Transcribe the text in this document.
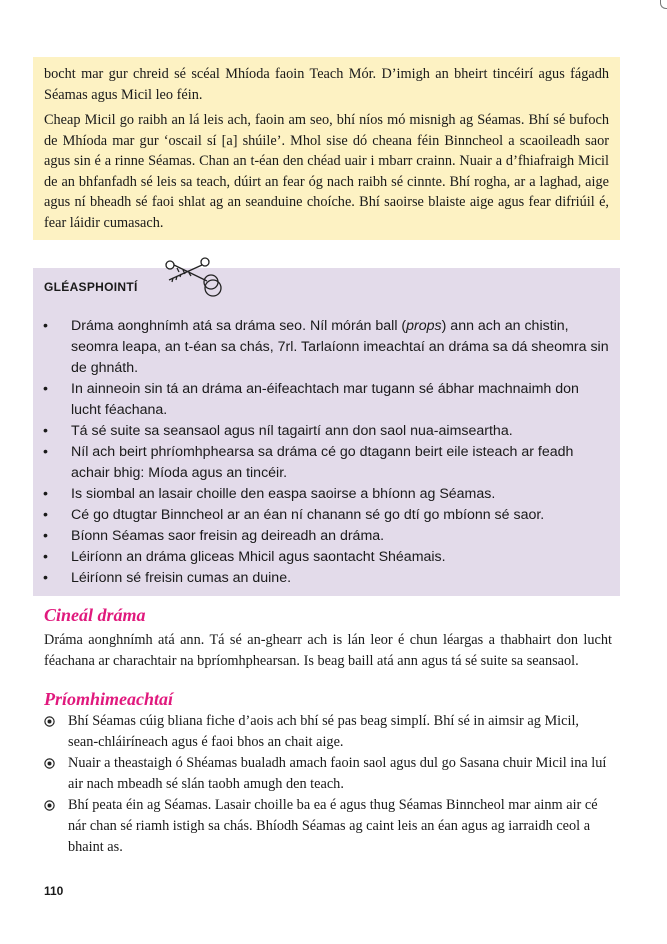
bocht mar gur chreid sé scéal Mhíoda faoin Teach Mór. D’imigh an bheirt tincéirí agus fágadh Séamas agus Micil leo féin.

Cheap Micil go raibh an lá leis ach, faoin am seo, bhí níos mó misnigh ag Séamas. Bhí sé bufoch de Mhíoda mar gur ‘oscail sí [a] shúile’. Mhol sise dó cheana féin Binncheol a scaoileadh saor agus sin é a rinne Séamas. Chan an t-éan den chéad uair i mbarr crainn. Nuair a d’fhiafraigh Micil de an bhfanfadh sé leis sa teach, dúirt an fear óg nach raibh sé cinnte. Bhí rogha, ar a laghad, aige agus ní bheadh sé faoi shlat ag an seanduine choíche. Bhí saoirse blaiste aige agus fear difriúil é, fear láidir cumasach.

GLÉASPHOINTÍ
• Dráma aonghnímh atá sa dráma seo. Níl mórán ball (props) ann ach an chistin, seomra leapa, an t-éan sa chás, 7rl. Tarlaíonn imeachtaí an dráma sa dá sheomra sin de ghnáth.
• In ainneoin sin tá an dráma an-éifeachtach mar tugann sé ábhar machnaimh don lucht féachana.
• Tá sé suite sa seansaol agus níl tagairtí ann don saol nua-aimseartha.
• Níl ach beirt phríomhphearsa sa dráma cé go dtagann beirt eile isteach ar feadh achair bhig: Míoda agus an tincéir.
• Is siombal an lasair choille den easpa saoirse a bhíonn ag Séamas.
• Cé go dtugtar Binncheol ar an éan ní chanann sé go dtí go mbíonn sé saor.
• Bíonn Séamas saor freisin ag deireadh an dráma.
• Léiríonn an dráma gliceas Mhicil agus saontacht Shéamais.
• Léiríonn sé freisin cumas an duine.
Cineál dráma

Dráma aonghnímh atá ann. Tá sé an-ghearr ach is lán leor é chun léargas a thabhairt don lucht féachana ar charachtair na bpríomhphearsan. Is beag baill atá ann agus tá sé suite sa seansaol.

Príomhimeachtaí
Bhí Séamas cúig bliana fiche d’aois ach bhí sé pas beag simplí. Bhí sé in aimsir ag Micil, sean-chláiríneach agus é faoi bhos an chait aige.
Nuair a theastaigh ó Shéamas bualadh amach faoin saol agus dul go Sasana chuir Micil ina luí air nach mbeadh sé slán taobh amugh den teach.
Bhí peata éin ag Séamas. Lasair choille ba ea é agus thug Séamas Binncheol mar ainm air cé nár chan sé riamh istigh sa chás. Bhíodh Séamas ag caint leis an éan agus ag iarraidh ceol a bhaint as.
110
